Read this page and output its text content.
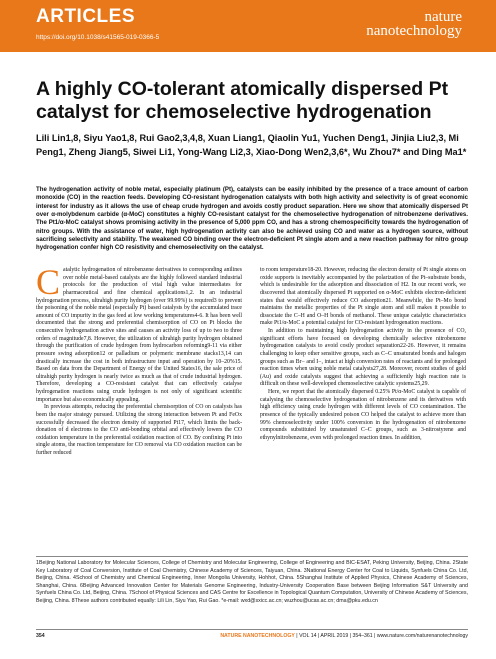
ARTICLES
https://doi.org/10.1038/s41565-019-0366-5
nature
nanotechnology
A highly CO-tolerant atomically dispersed Pt catalyst for chemoselective hydrogenation
Lili Lin1,8, Siyu Yao1,8, Rui Gao2,3,4,8, Xuan Liang1, Qiaolin Yu1, Yuchen Deng1, Jinjia Liu2,3, Mi Peng1, Zheng Jiang5, Siwei Li1, Yong-Wang Li2,3, Xiao-Dong Wen2,3,6*, Wu Zhou7* and Ding Ma1*
The hydrogenation activity of noble metal, especially platinum (Pt), catalysts can be easily inhibited by the presence of a trace amount of carbon monoxide (CO) in the reaction feeds. Developing CO-resistant hydrogenation catalysts with both high activity and selectivity is of great economic interest for industry as it allows the use of cheap crude hydrogen and avoids costly product separation. Here we show that atomically dispersed Pt over α-molybdenum carbide (α-MoC) constitutes a highly CO-resistant catalyst for the chemoselective hydrogenation of nitrobenzene derivatives. The Pt1/α-MoC catalyst shows promising activity in the presence of 5,000 ppm CO, and has a strong chemospecificity towards the hydrogenation of nitro groups. With the assistance of water, high hydrogenation activity can also be achieved using CO and water as a hydrogen source, without sacrificing selectivity and stability. The weakened CO binding over the electron-deficient Pt single atom and a new reaction pathway for nitro group hydrogenation confer high CO resistivity and chemoselectivity on the catalyst.
C atalytic hydrogenation of nitrobenzene derivatives to corresponding anilines over noble metal-based catalysts are the highly followed standard industrial protocols for the production of vital high value intermediates for pharmaceutical and fine chemical applications1,2. In an industrial hydrogenation process, ultrahigh purity hydrogen (over 99.99%) is required3 to prevent the poisoning of the noble metal (especially Pt) based catalysts by the accumulated trace amount of CO impurity in the gas feed at low working temperatures4-6. It has been well documented that the strong and preferential chemisorption of CO on Pt blocks the consecutive hydrogenation active sites and causes an activity loss of up to two to three orders of magnitude7,8. However, the utilization of ultrahigh purity hydrogen obtained through the purification of crude hydrogen from hydrocarbon reforming9-11 via either pressure swing adsorption12 or palladium or polymeric membrane stacks13,14 can drastically increase the cost in both infrastructure input and operation by 10–20%15. Based on data from the Department of Energy of the United States16, the sale price of ultrahigh purity hydrogen is nearly twice as much as that of crude industrial hydrogen. Therefore, developing a CO-resistant catalyst that can effectively catalyse hydrogenation reactions using crude hydrogen is not only of significant scientific importance but also economically appealing.

In previous attempts, reducing the preferential chemisorption of CO on catalysts has been the major strategy pursued. Utilizing the strong interaction between Pt and FeOx successfully decreased the electron density of supported Pt17, which limits the back-donation of d electrons to the CO anti-bonding orbital and effectively lowers the CO oxidation temperature in the preferential oxidation reaction of CO. By confining Pt into single atoms, the reaction temperature for CO removal via CO oxidation reaction can be further reduced

to room temperature18-20. However, reducing the electron density of Pt single atoms on oxide supports is inevitably accompanied by the polarization of the Pt–substrate bonds, which is undesirable for the adsorption and dissociation of H2. In our recent work, we discovered that atomically dispersed Pt supported on α-MoC exhibits electron-deficient states that would effectively reduce CO adsorption21. Meanwhile, the Pt–Mo bond maintains the metallic properties of the Pt single atom and still makes it possible to dissociate the C–H and O–H bonds of methanol. These unique catalytic characteristics make Pt1/α-MoC a potential catalyst for CO-resistant hydrogenation reactions.

In addition to maintaining high hydrogenation activity in the presence of CO, significant efforts have focused on developing chemically selective nitrobenzene hydrogenation catalysts to avoid costly product separation22-26. However, it remains challenging to keep other sensitive groups, such as C–C unsaturated bonds and halogen groups such as Br− and I−, intact at high conversion rates of reactants and for prolonged reaction times when using noble metal catalysts27,28. Moreover, recent studies of gold (Au) and oxide catalysts suggest that achieving a sufficiently high reaction rate is difficult on these well-developed chemoselective catalytic systems25,29.

Here, we report that the atomically dispersed 0.25% Pt/α-MoC catalyst is capable of catalysing the chemoselective hydrogenation of nitrobenzene and its derivatives with high efficiency using crude hydrogen with different levels of CO contamination. The presence of the typically undesired poison CO helped the catalyst to achieve more than 99% chemoselectivity under 100% conversion in the hydrogenation of nitrobenzene compounds substituted by unsaturated C–C groups, such as 3-nitrostyrene and ethynylnitrobenzene, even with prolonged reaction times. In addition,

1Beijing National Laboratory for Molecular Sciences, College of Chemistry and Molecular Engineering, College of Engineering and BIC-ESAT, Peking University, Beijing, China. 2State Key Laboratory of Coal Conversion, Institute of Coal Chemistry, Chinese Academy of Sciences, Taiyuan, China. 3National Energy Center for Coal to Liquids, Synfuels China Co. Ltd, Beijing, China. 4School of Chemistry and Chemical Engineering, Inner Mongolia University, Hohhot, China. 5Shanghai Institute of Applied Physics, Chinese Academy of Sciences, Shanghai, China. 6Beijing Advanced Innovation Center for Materials Genome Engineering, Industry-University Cooperation Base between Beijing Information S&T University and Synfuels China Co. Ltd, Beijing, China. 7School of Physical Sciences and CAS Centre for Excellence in Topological Quantum Computation, University of Chinese Academy of Sciences, Beijing, China. 8These authors contributed equally: Lili Lin, Siyu Yao, Rui Gao. *e-mail: wxd@sxicc.ac.cn; wuzhou@ucas.ac.cn; dma@pku.edu.cn
354	NATURE NANOTECHNOLOGY | VOL 14 | APRIL 2019 | 354–361 | www.nature.com/naturenanotechnology
